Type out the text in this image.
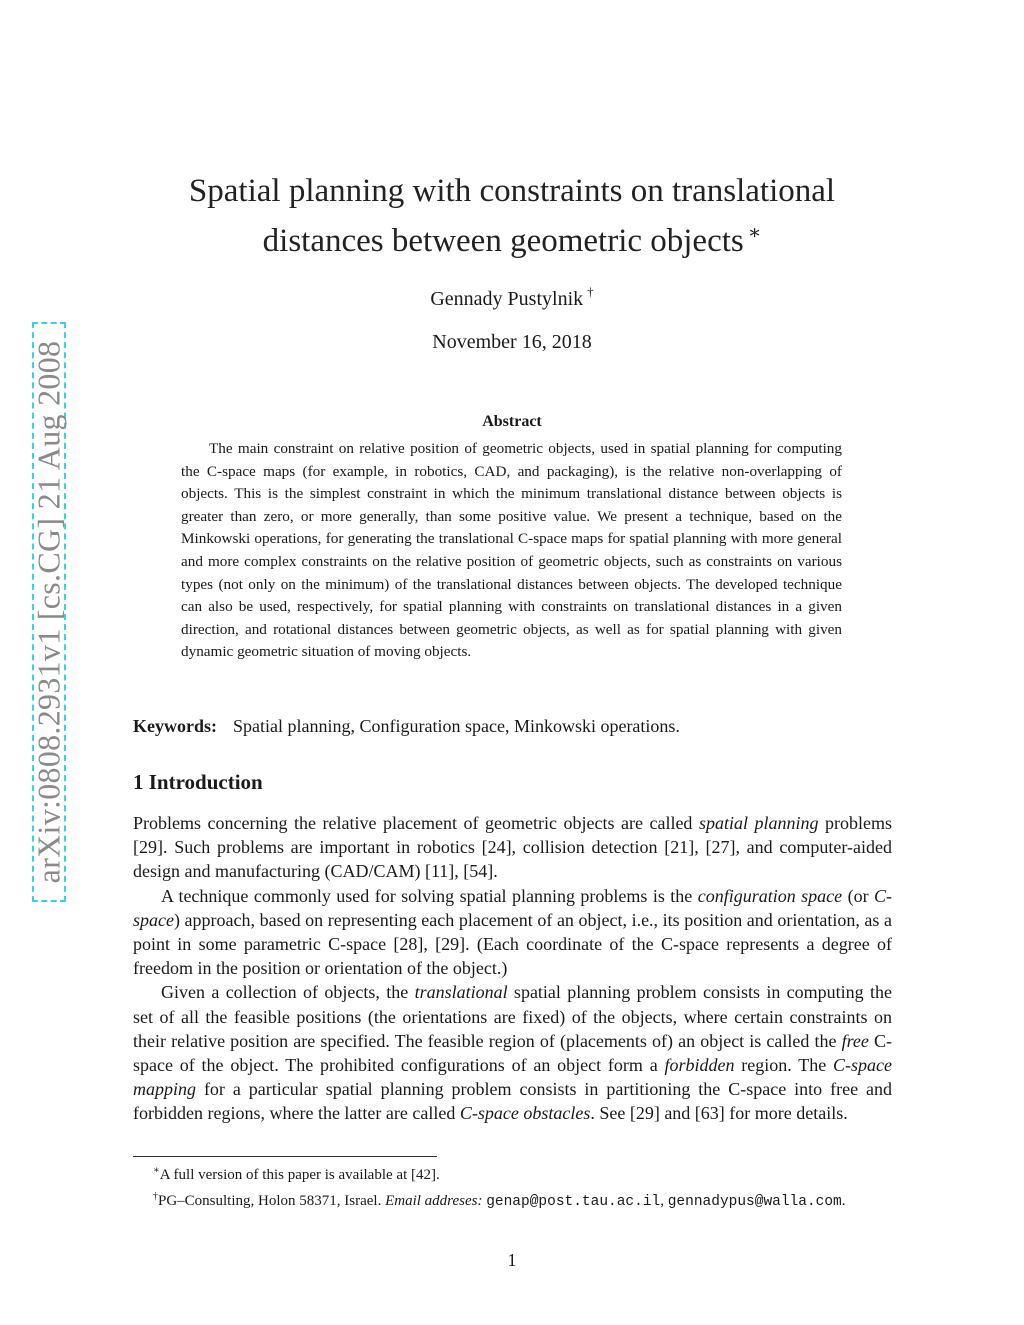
arXiv:0808.2931v1 [cs.CG] 21 Aug 2008
Spatial planning with constraints on translational
distances between geometric objects ∗
Gennady Pustylnik †
November 16, 2018
Abstract
The main constraint on relative position of geometric objects, used in spatial planning for computing the C-space maps (for example, in robotics, CAD, and packaging), is the relative non-overlapping of objects. This is the simplest constraint in which the minimum translational distance between objects is greater than zero, or more generally, than some positive value. We present a technique, based on the Minkowski operations, for generating the translational C-space maps for spatial planning with more general and more complex constraints on the relative position of geometric objects, such as constraints on various types (not only on the minimum) of the translational distances between objects. The developed technique can also be used, respectively, for spatial planning with constraints on translational distances in a given direction, and rotational distances between geometric objects, as well as for spatial planning with given dynamic geometric situation of moving objects.
Keywords: Spatial planning, Configuration space, Minkowski operations.
1 Introduction

Problems concerning the relative placement of geometric objects are called spatial planning problems [29]. Such problems are important in robotics [24], collision detection [21], [27], and computer-aided design and manufacturing (CAD/CAM) [11], [54].

A technique commonly used for solving spatial planning problems is the configuration space (or C-space) approach, based on representing each placement of an object, i.e., its position and orientation, as a point in some parametric C-space [28], [29]. (Each coordinate of the C-space represents a degree of freedom in the position or orientation of the object.)

Given a collection of objects, the translational spatial planning problem consists in computing the set of all the feasible positions (the orientations are fixed) of the objects, where certain constraints on their relative position are specified. The feasible region of (placements of) an object is called the free C-space of the object. The prohibited configurations of an object form a forbidden region. The C-space mapping for a particular spatial planning problem consists in partitioning the C-space into free and forbidden regions, where the latter are called C-space obstacles. See [29] and [63] for more details.

∗A full version of this paper is available at [42].

†PG–Consulting, Holon 58371, Israel. Email addreses: genap@post.tau.ac.il, gennadypus@walla.com.

1
